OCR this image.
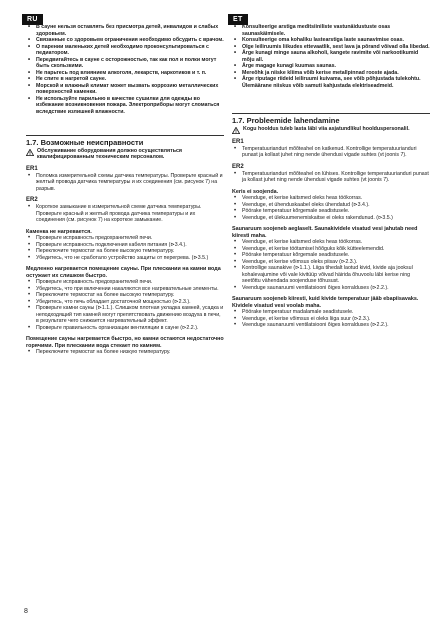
RU	ET
• В сауне нельзя оставлять без присмотра детей, инвалидов и слабых здоровьем.
• Связанные со здоровьем ограничения необходимо обсудить с врачом.
• О парении маленьких детей необходимо проконсультироваться с педиатором.
• Передвигайтесь в сауне с осторожностью, так как пол и полки могут быть скользкими.
• Не парьтесь под влиянием алкоголя, лекарств, наркотиков и т. п.
• Не спите в нагретой сауне.
• Морской и влажный климат может вызвать коррозию металлических поверхностей каменки.
• Не используйте парильню в качестве сушилки для одежды во избежание возникновения пожара. Электроприборы могут сломаться вследствие излишней влажности.
1.7. Возможные неисправности
Обслуживание оборудования должно осуществляться квалифицированным техническим персоналом.
ER1
• Поломка измерительной схемы датчика температуры. Проверьте красный и желтый провода датчика температуры и их соединения (см. рисунок 7) на разрыв.
ER2
• Короткое замыкание в измерительной схеме датчика температуры. Проверьте красный и желтый провода датчика температуры и их соединения (см. рисунок 7) на короткое замыкание.
Каменка не нагревается.
• Проверьте исправность предохранителей печи.
• Проверьте исправность подключения кабеля питания (⊳3.4.).
• Переключите термостат на более высокую температуру.
• Убедитесь, что не сработало устройство защиты от перегрева. (⊳3.5.)
Медленно нагревается помещение сауны. При плескании на камни вода остужает их слишком быстро.
• Проверьте исправность предохранителей печи.
• Убедитесь, что при включении накаляются все нагревательные элементы.
• Переключите термостат на более высокую температуру.
• Убедитесь, что печь обладает достаточной мощностью (⊳2.3.).
• Проверьте камни сауны (⊳1.1.). Слишком плотная укладка камней, усадка и неподходящий тип камней могут препятствовать движению воздуха в печи, в результате чего снижается нагревательный эффект.
• Проверьте правильность организации вентиляции в сауне (⊳2.2.).
Помещение сауны нагревается быстро, но камни остаются недостаточно горячими. При плескании вода стекает по камням.
• Переключите термостат на более низкую температуру.
• Konsulteerige arstiga meditsiiniliste vastunäidustuste osas saunaskäimisele.
• Konsulteerige oma kohaliku lastearstiga laste saunavimise osas.
• Olge leiliruumis liikudes ettevaatlik, sest lava ja põrand võivad olla libedad.
• Ärge kunagi minge sauna alkoholi, kangete ravimite või narkootikumid mõju all.
• Ärge magage kunagi kuumas saunas.
• Mereõhk ja niiske kliima võib kerise metallpinnad rooste ajada.
• Ärge riputage riideid leiliruumi kuivama, see võib põhjustada tulekohtu. Ülemäärane niiskus võib samuti kahjustada elektriseadmeid.
1.7. Probleemide lahendamine
Kogu hooldus tuleb lasta läbi viia asjatundlikul hoolduspersonalil.
ER1
• Temperatuurianduri mõõteahel on katkenud. Kontrollige temperatuurianduri punast ja kollast juhet ning nende ühendusi vigade suhtes (vt joonis 7).
ER2
• Temperatuurianduri mõõteahel on lühises. Kontrollige temperatuurianduri punast ja kollast juhet ning nende ühendusi vigade suhtes (vt joonis 7).
Keris ei soojenda.
• Veenduge, et kerise kaitsmed oleks heas töökorras.
• Veenduge, et ühenduskaabel oleks ühendatud (⊳3.4.).
• Pöörake temperatuur kõrgemale seadistusele.
• Veenduge, et ülekuumenemiskaitse ei oleks rakendunud. (⊳3.5.)
Saunaruum soojeneb aeglaselt. Saunakividele visatud vesi jahutab need kiiresti maha.
• Veenduge, et kerise kaitsmed oleks heas töökorras.
• Veenduge, et kerise töötamisel hõõguks kõik kütteelemendid.
• Pöörake temperatuur kõrgemale seadistusele.
• Veenduge, et kerise võimsus oleks piisav (⊳2.3.).
• Kontrollige saunakive (⊳1.1.). Liiga tihedalt laotud kivid, kivide aja jooksul kohalevajumine või vale kivitüüp võivad häirida õhuvoolu läbi kerise ning seetõttu vähendada soojenduse tõhusust.
• Veenduge saunaruumi ventilatsiooni õiges korralduses (⊳2.2.).
Saunaruum soojeneb kiiresti, kuid kivide temperatuur jääb ebapiisavaks. Kividele visatud vesi voolab maha.
• Pöörake temperatuur madalamale seadistusele.
• Veenduge, et kerise võimsus ei oleks liiga suur (⊳2.3.).
• Veenduge saunaruumi ventilatsiooni õiges korralduses (⊳2.2.).
8
